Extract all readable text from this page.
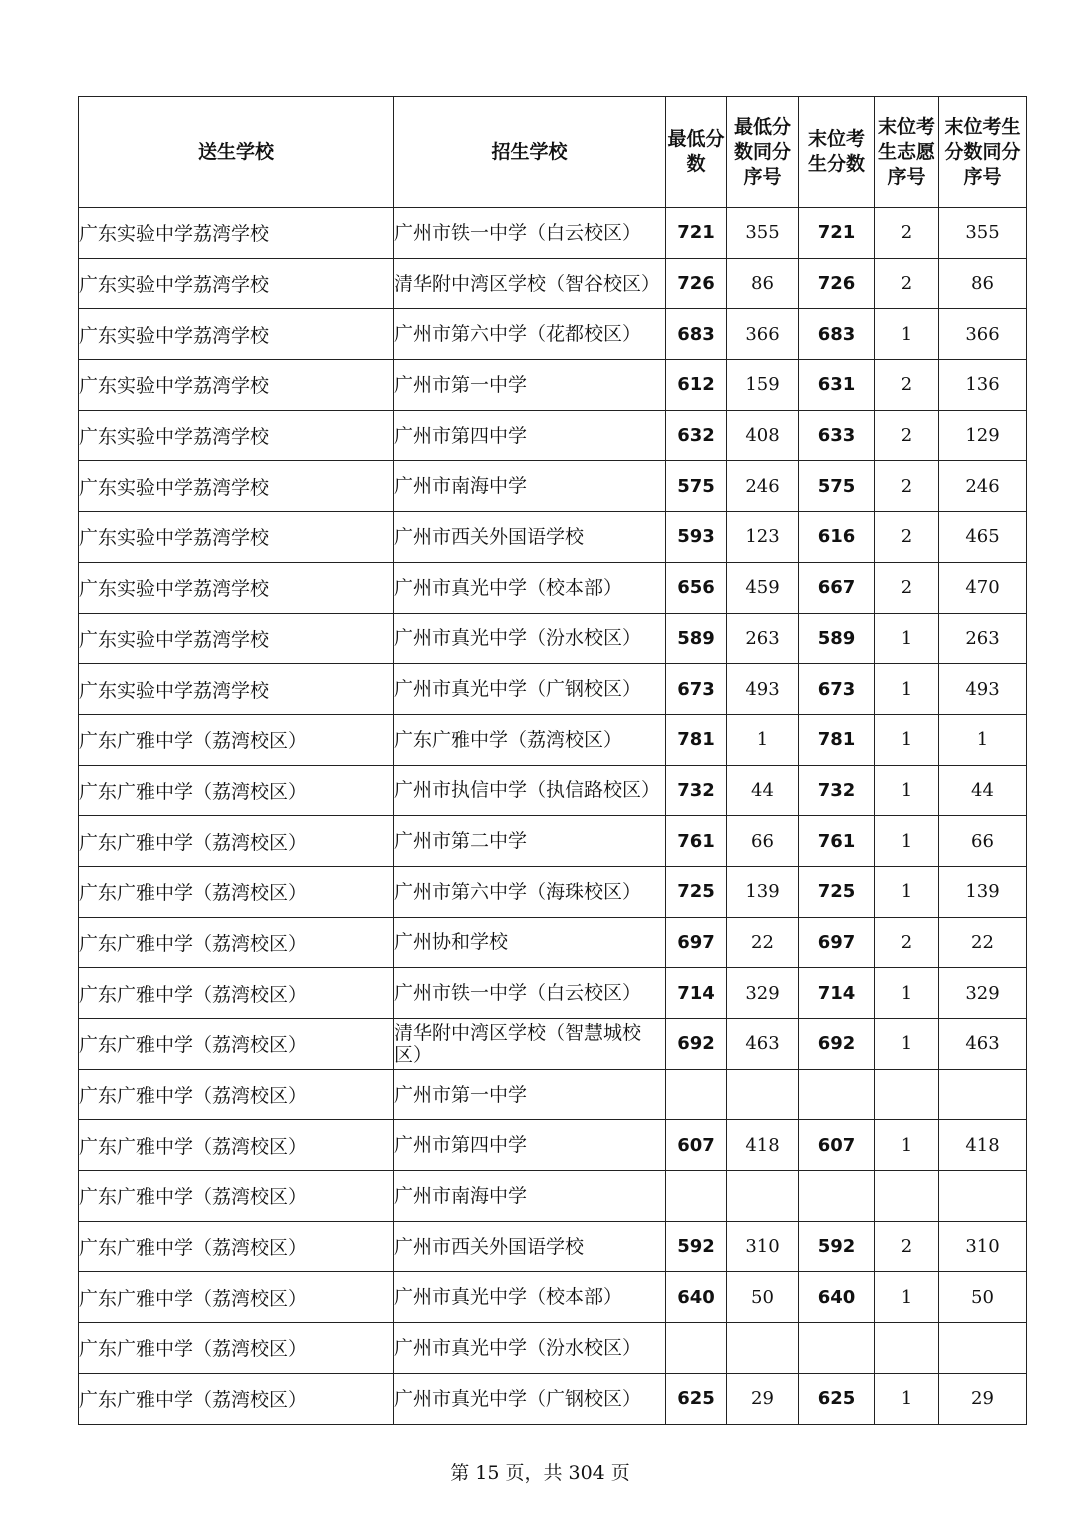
送生学校	招生学校	最低分数	最低分数同分序号	末位考生分数	末位考生志愿序号	末位考生分数同分序号
广东实验中学荔湾学校	广州市铁一中学（白云校区）	721	355	721	2	355
广东实验中学荔湾学校	清华附中湾区学校（智谷校区）	726	86	726	2	86
广东实验中学荔湾学校	广州市第六中学（花都校区）	683	366	683	1	366
广东实验中学荔湾学校	广州市第一中学	612	159	631	2	136
广东实验中学荔湾学校	广州市第四中学	632	408	633	2	129
广东实验中学荔湾学校	广州市南海中学	575	246	575	2	246
广东实验中学荔湾学校	广州市西关外国语学校	593	123	616	2	465
广东实验中学荔湾学校	广州市真光中学（校本部）	656	459	667	2	470
广东实验中学荔湾学校	广州市真光中学（汾水校区）	589	263	589	1	263
广东实验中学荔湾学校	广州市真光中学（广钢校区）	673	493	673	1	493
广东广雅中学（荔湾校区）	广东广雅中学（荔湾校区）	781	1	781	1	1
广东广雅中学（荔湾校区）	广州市执信中学（执信路校区）	732	44	732	1	44
广东广雅中学（荔湾校区）	广州市第二中学	761	66	761	1	66
广东广雅中学（荔湾校区）	广州市第六中学（海珠校区）	725	139	725	1	139
广东广雅中学（荔湾校区）	广州协和学校	697	22	697	2	22
广东广雅中学（荔湾校区）	广州市铁一中学（白云校区）	714	329	714	1	329
广东广雅中学（荔湾校区）	清华附中湾区学校（智慧城校区）	692	463	692	1	463
广东广雅中学（荔湾校区）	广州市第一中学					
广东广雅中学（荔湾校区）	广州市第四中学	607	418	607	1	418
广东广雅中学（荔湾校区）	广州市南海中学					
广东广雅中学（荔湾校区）	广州市西关外国语学校	592	310	592	2	310
广东广雅中学（荔湾校区）	广州市真光中学（校本部）	640	50	640	1	50
广东广雅中学（荔湾校区）	广州市真光中学（汾水校区）					
广东广雅中学（荔湾校区）	广州市真光中学（广钢校区）	625	29	625	1	29
第 15 页，共 304 页
